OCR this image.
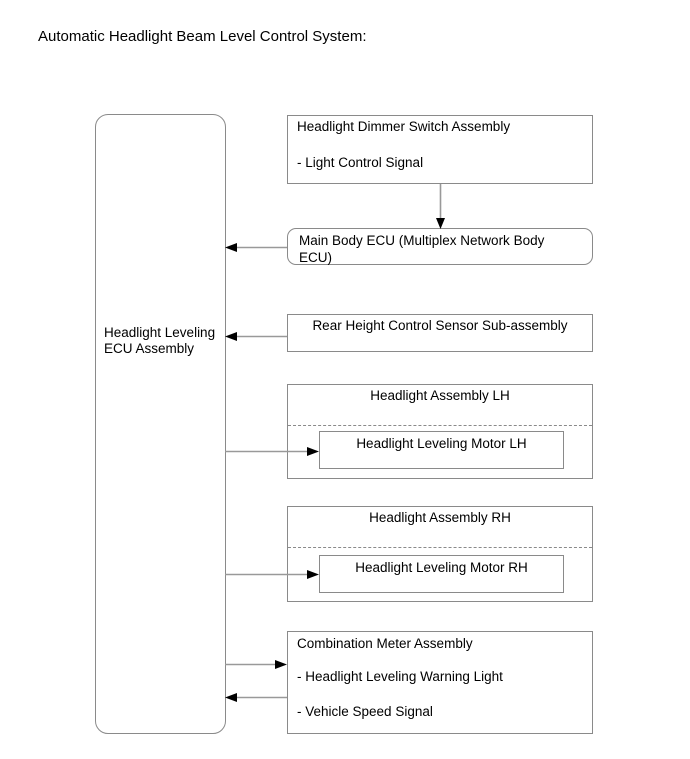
Automatic Headlight Beam Level Control System:
Headlight Leveling ECU Assembly
Headlight Dimmer Switch Assembly
- Light Control Signal
Main Body ECU (Multiplex Network Body ECU)
Rear Height Control Sensor Sub-assembly
Headlight Assembly LH
Headlight Leveling Motor LH
Headlight Assembly RH
Headlight Leveling Motor RH
Combination Meter Assembly
- Headlight Leveling Warning Light
- Vehicle Speed Signal
